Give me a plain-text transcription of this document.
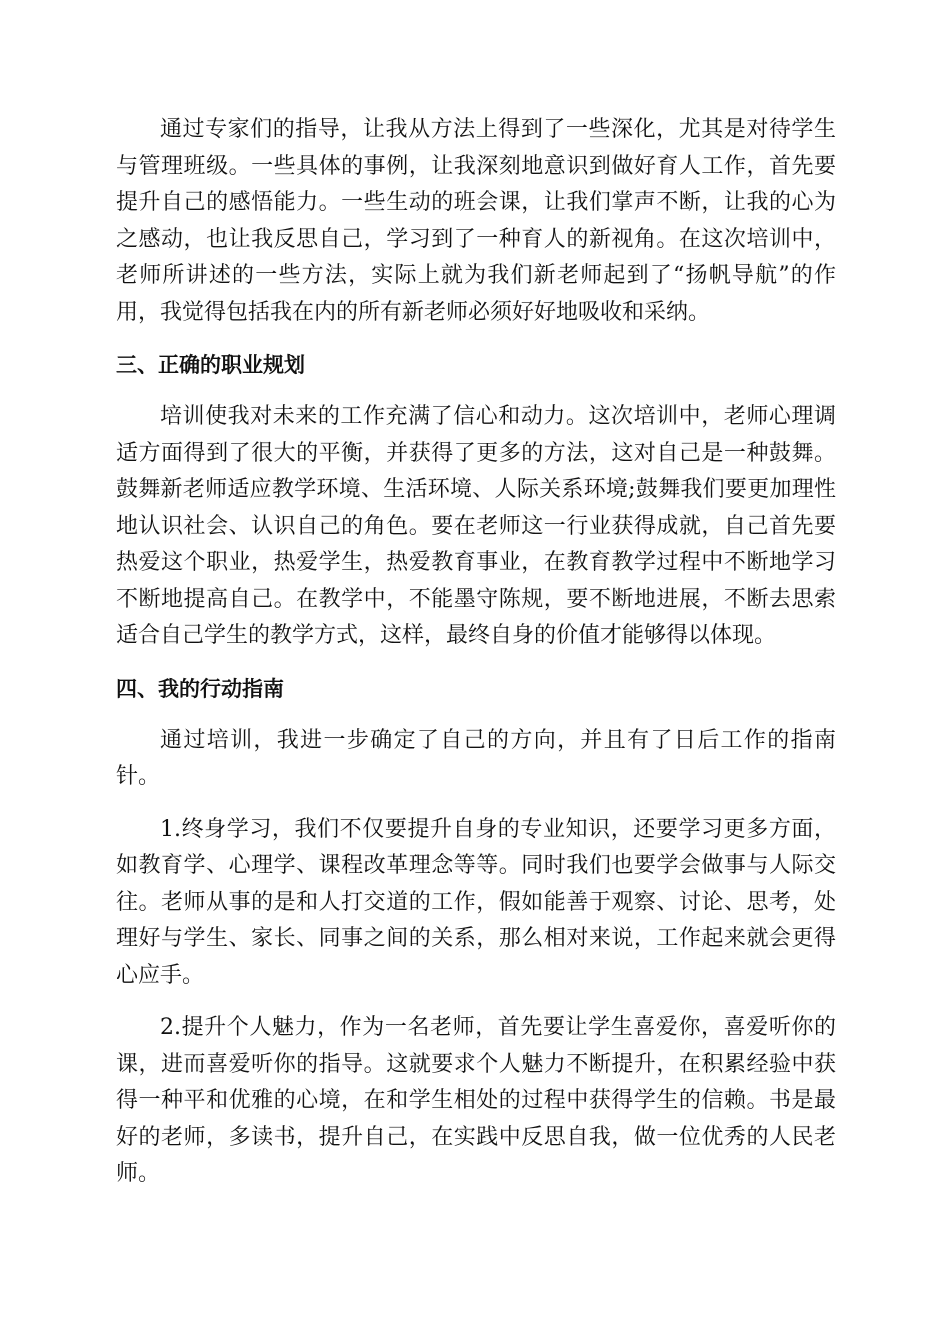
通过专家们的指导，让我从方法上得到了一些深化，尤其是对待学生与管理班级。一些具体的事例，让我深刻地意识到做好育人工作，首先要提升自己的感悟能力。一些生动的班会课，让我们掌声不断，让我的心为之感动，也让我反思自己，学习到了一种育人的新视角。在这次培训中，老师所讲述的一些方法，实际上就为我们新老师起到了“扬帆导航”的作用，我觉得包括我在内的所有新老师必须好好地吸收和采纳。

三、正确的职业规划

培训使我对未来的工作充满了信心和动力。这次培训中，老师心理调适方面得到了很大的平衡，并获得了更多的方法，这对自己是一种鼓舞。鼓舞新老师适应教学环境、生活环境、人际关系环境;鼓舞我们要更加理性地认识社会、认识自己的角色。要在老师这一行业获得成就，自己首先要热爱这个职业，热爱学生，热爱教育事业，在教育教学过程中不断地学习不断地提高自己。在教学中，不能墨守陈规，要不断地进展，不断去思索适合自己学生的教学方式，这样，最终自身的价值才能够得以体现。

四、我的行动指南

通过培训，我进一步确定了自己的方向，并且有了日后工作的指南针。

1.终身学习，我们不仅要提升自身的专业知识，还要学习更多方面，如教育学、心理学、课程改革理念等等。同时我们也要学会做事与人际交往。老师从事的是和人打交道的工作，假如能善于观察、讨论、思考，处理好与学生、家长、同事之间的关系，那么相对来说，工作起来就会更得心应手。

2.提升个人魅力，作为一名老师，首先要让学生喜爱你，喜爱听你的课，进而喜爱听你的指导。这就要求个人魅力不断提升，在积累经验中获得一种平和优雅的心境，在和学生相处的过程中获得学生的信赖。书是最好的老师，多读书，提升自己，在实践中反思自我，做一位优秀的人民老师。
